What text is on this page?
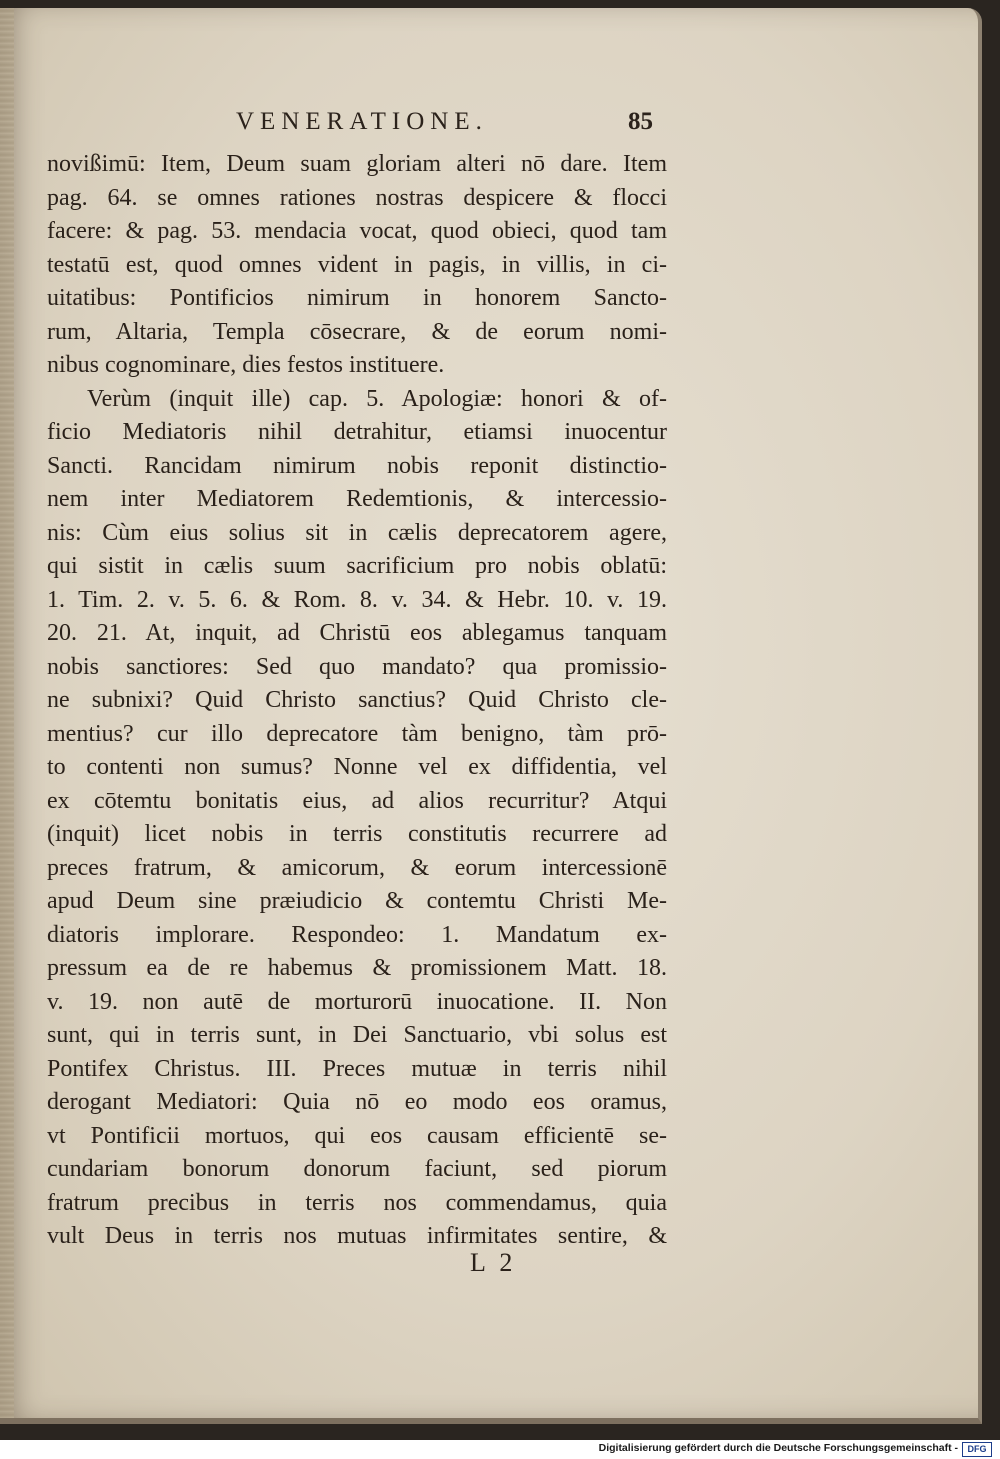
VENERATIONE.	85
novißimū: Item, Deum suam gloriam alteri nō dare. Item
pag. 64. se omnes rationes nostras despicere & flocci
facere: & pag. 53. mendacia vocat, quod obieci, quod tam
testatū est, quod omnes vident in pagis, in villis, in ci-
uitatibus: Pontificios nimirum in honorem Sancto-
rum, Altaria, Templa cōsecrare, & de eorum nomi-
nibus cognominare, dies festos instituere.
Verùm (inquit ille) cap. 5. Apologiæ: honori & of-
ficio Mediatoris nihil detrahitur, etiamsi inuocentur
Sancti. Rancidam nimirum nobis reponit distinctio-
nem inter Mediatorem Redemtionis, & intercessio-
nis: Cùm eius solius sit in cælis deprecatorem agere,
qui sistit in cælis suum sacrificium pro nobis oblatū:
1. Tim. 2. v. 5. 6. & Rom. 8. v. 34. & Hebr. 10. v. 19.
20. 21. At, inquit, ad Christū eos ablegamus tanquam
nobis sanctiores: Sed quo mandato? qua promissio-
ne subnixi? Quid Christo sanctius? Quid Christo cle-
mentius? cur illo deprecatore tàm benigno, tàm prō-
to contenti non sumus? Nonne vel ex diffidentia, vel
ex cōtemtu bonitatis eius, ad alios recurritur? Atqui
(inquit) licet nobis in terris constitutis recurrere ad
preces fratrum, & amicorum, & eorum intercessionē
apud Deum sine præiudicio & contemtu Christi Me-
diatoris implorare. Respondeo: 1. Mandatum ex-
pressum ea de re habemus & promissionem Matt. 18.
v. 19. non autē de morturorū inuocatione. II. Non
sunt, qui in terris sunt, in Dei Sanctuario, vbi solus est
Pontifex Christus. III. Preces mutuæ in terris nihil
derogant Mediatori: Quia nō eo modo eos oramus,
vt Pontificii mortuos, qui eos causam efficientē se-
cundariam bonorum donorum faciunt, sed piorum
fratrum precibus in terris nos commendamus, quia
vult Deus in terris nos mutuas infirmitates sentire, &
L 2
Digitalisierung gefördert durch die Deutsche Forschungsgemeinschaft -	DFG
